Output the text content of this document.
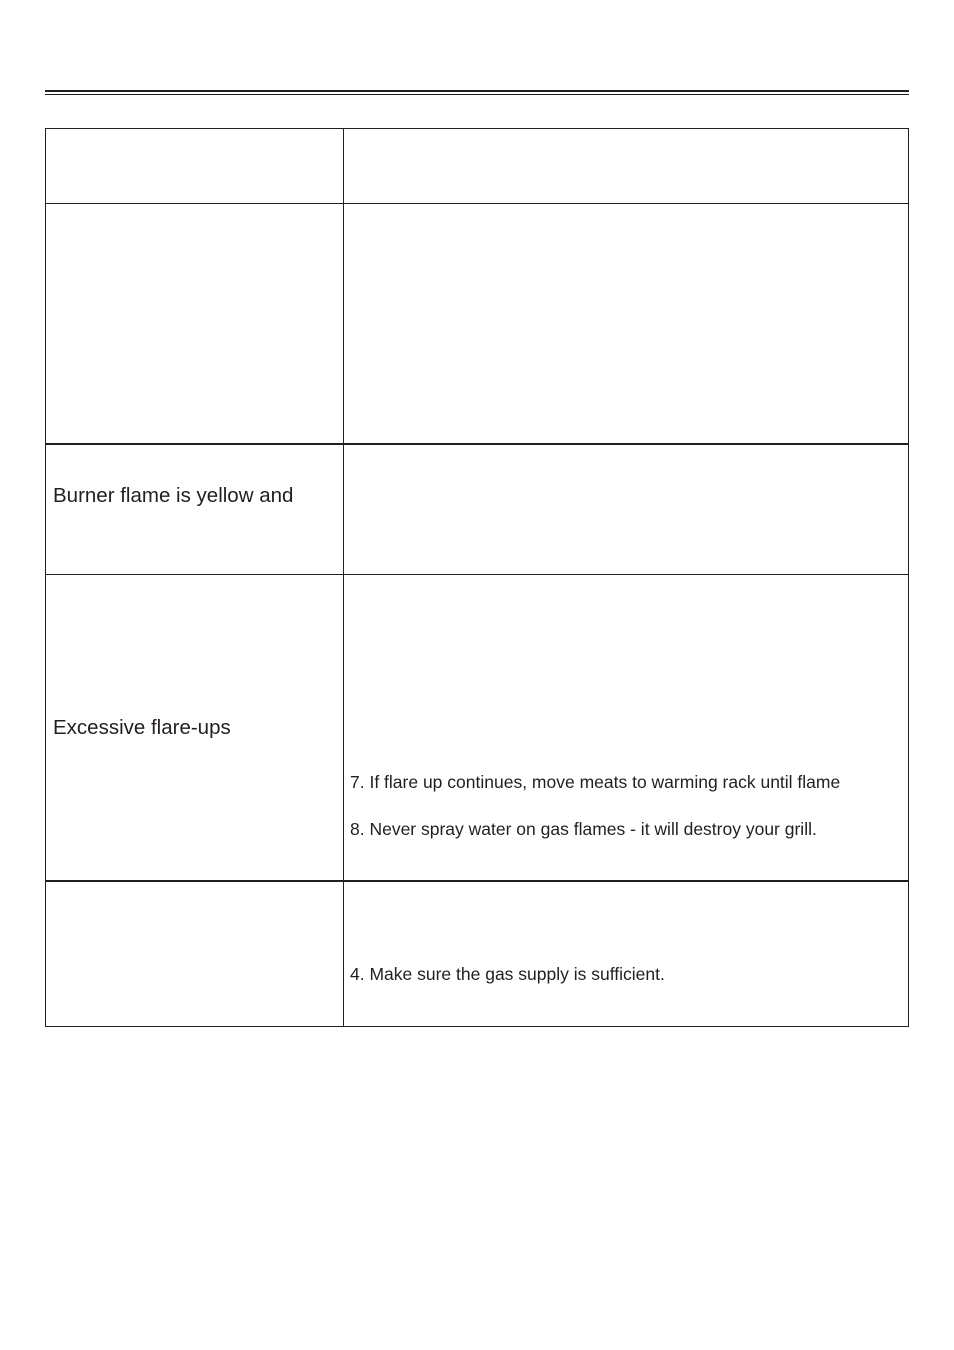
Burner flame is yellow and
Excessive flare-ups
7. If flare up continues, move meats to warming rack until flame
8. Never spray water on gas flames - it will destroy your grill.
4. Make sure the gas supply is sufficient.
